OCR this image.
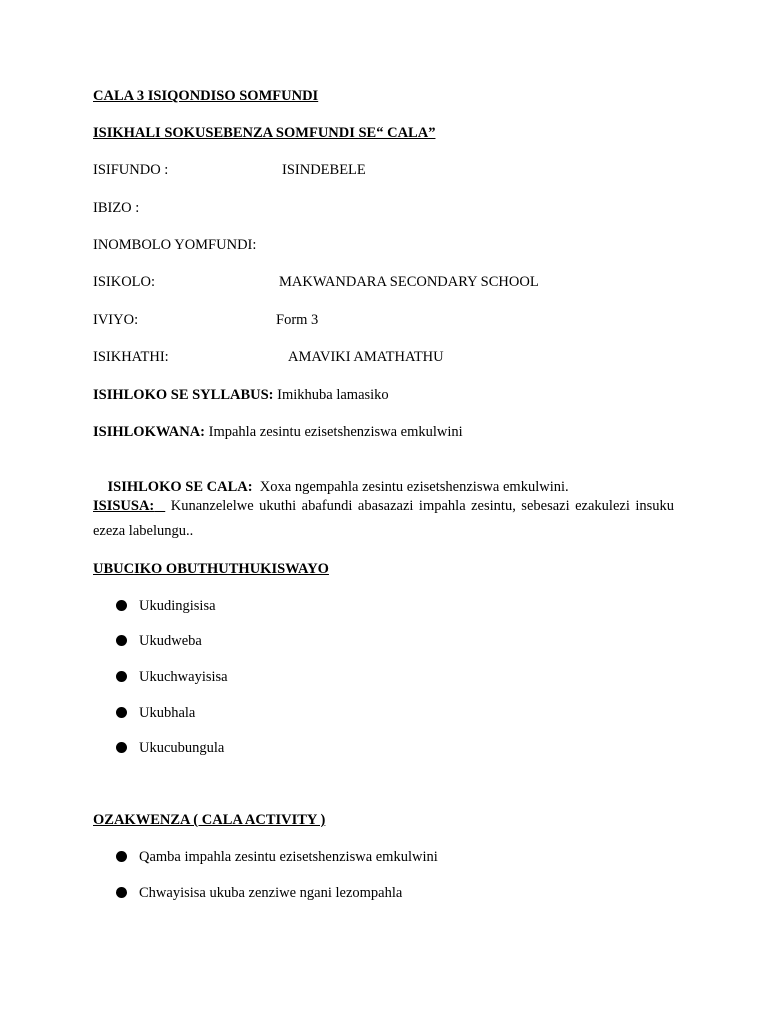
CALA 3 ISIQONDISO SOMFUNDI
ISIKHALI SOKUSEBENZA SOMFUNDI SE“ CALA”
ISIFUNDO :	ISINDEBELE
IBIZO :
INOMBOLO YOMFUNDI:
ISIKOLO:	MAKWANDARA SECONDARY SCHOOL
IVIYO:	Form 3
ISIKHATHI:	AMAVIKI AMATHATHU
ISIHLOKO SE SYLLABUS: Imikhuba lamasiko
ISIHLOKWANA: Impahla zesintu ezisetshenziswa emkulwini

ISIHLOKO SE CALA:  Xoxa ngempahla zesintu ezisetshenziswa emkulwini.

ISISUSA:   Kunanzelelwe ukuthi abafundi abasazazi impahla zesintu, sebesazi ezakulezi insuku ezeza labelungu..
UBUCIKO OBUTHUTHUKISWAYO
Ukudingisisa
Ukudweba
Ukuchwayisisa
Ukubhala
Ukucubungula
OZAKWENZA ( CALA ACTIVITY )
Qamba impahla zesintu ezisetshenziswa emkulwini
Chwayisisa ukuba zenziwe ngani lezompahla
